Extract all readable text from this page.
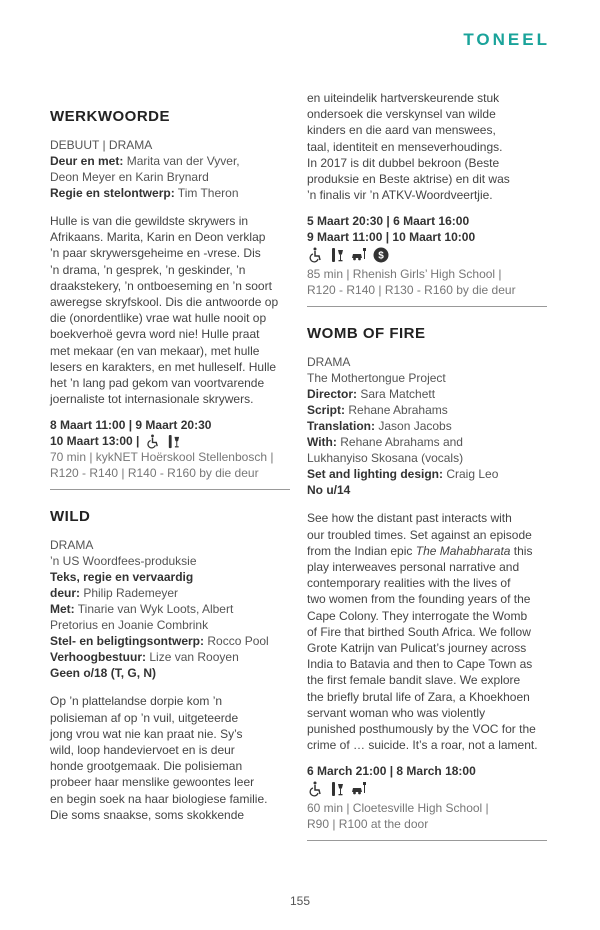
TONEEL
WERKWOORDE
DEBUUT | DRAMA
Deur en met: Marita van der Vyver,
Deon Meyer en Karin Brynard
Regie en stelontwerp: Tim Theron

Hulle is van die gewildste skrywers in

Afrikaans. Marita, Karin en Deon verklap

’n paar skrywersgeheime en -vrese. Dis

’n drama, ’n gesprek, ’n geskinder, ’n

draakstekery, ’n ontboeseming en ’n soort

aweregse skryfskool. Dis die antwoorde op

die (onordentlike) vrae wat hulle nooit op

boekverhoë gevra word nie! Hulle praat

met mekaar (en van mekaar), met hulle

lesers en karakters, en met hulleself. Hulle

het ’n lang pad gekom van voortvarende

joernaliste tot internasionale skrywers.

8 Maart 11:00 | 9 Maart 20:30
10 Maart 13:00 |
70 min | kykNET Hoërskool Stellenbosch |
R120 - R140 | R140 - R160 by die deur
WILD
DRAMA
’n US Woordfees-produksie
Teks, regie en vervaardig
deur: Philip Rademeyer
Met: Tinarie van Wyk Loots, Albert
Pretorius en Joanie Combrink
Stel- en beligtingsontwerp: Rocco Pool
Verhoogbestuur: Lize van Rooyen
Geen o/18 (T, G, N)

Op ’n plattelandse dorpie kom ’n

polisieman af op ’n vuil, uitgeteerde

jong vrou wat nie kan praat nie. Sy’s

wild, loop handeviervoet en is deur

honde grootgemaak. Die polisieman

probeer haar menslike gewoontes leer

en begin soek na haar biologiese familie.

Die soms snaakse, soms skokkende

en uiteindelik hartverskeurende stuk

ondersoek die verskynsel van wilde

kinders en die aard van menswees,

taal, identiteit en menseverhoudings.

In 2017 is dit dubbel bekroon (Beste

produksie en Beste aktrise) en dit was

’n finalis vir ’n ATKV-Woordveertjie.

5 Maart 20:30 | 6 Maart 16:00
9 Maart 11:00 | 10 Maart 10:00
$
85 min | Rhenish Girls’ High School |
R120 - R140 | R130 - R160 by die deur
WOMB OF FIRE
DRAMA
The Mothertongue Project
Director: Sara Matchett
Script: Rehane Abrahams
Translation: Jason Jacobs
With: Rehane Abrahams and
Lukhanyiso Skosana (vocals)
Set and lighting design: Craig Leo
No u/14

See how the distant past interacts with

our troubled times. Set against an episode

from the Indian epic The Mahabharata this

play interweaves personal narrative and

contemporary realities with the lives of

two women from the founding years of the

Cape Colony. They interrogate the Womb

of Fire that birthed South Africa. We follow

Grote Katrijn van Pulicat’s journey across

India to Batavia and then to Cape Town as

the first female bandit slave. We explore

the briefly brutal life of Zara, a Khoekhoen

servant woman who was violently

punished posthumously by the VOC for the

crime of … suicide. It’s a roar, not a lament.

6 March 21:00 | 8 March 18:00
60 min | Cloetesville High School |
R90 | R100 at the door
155
